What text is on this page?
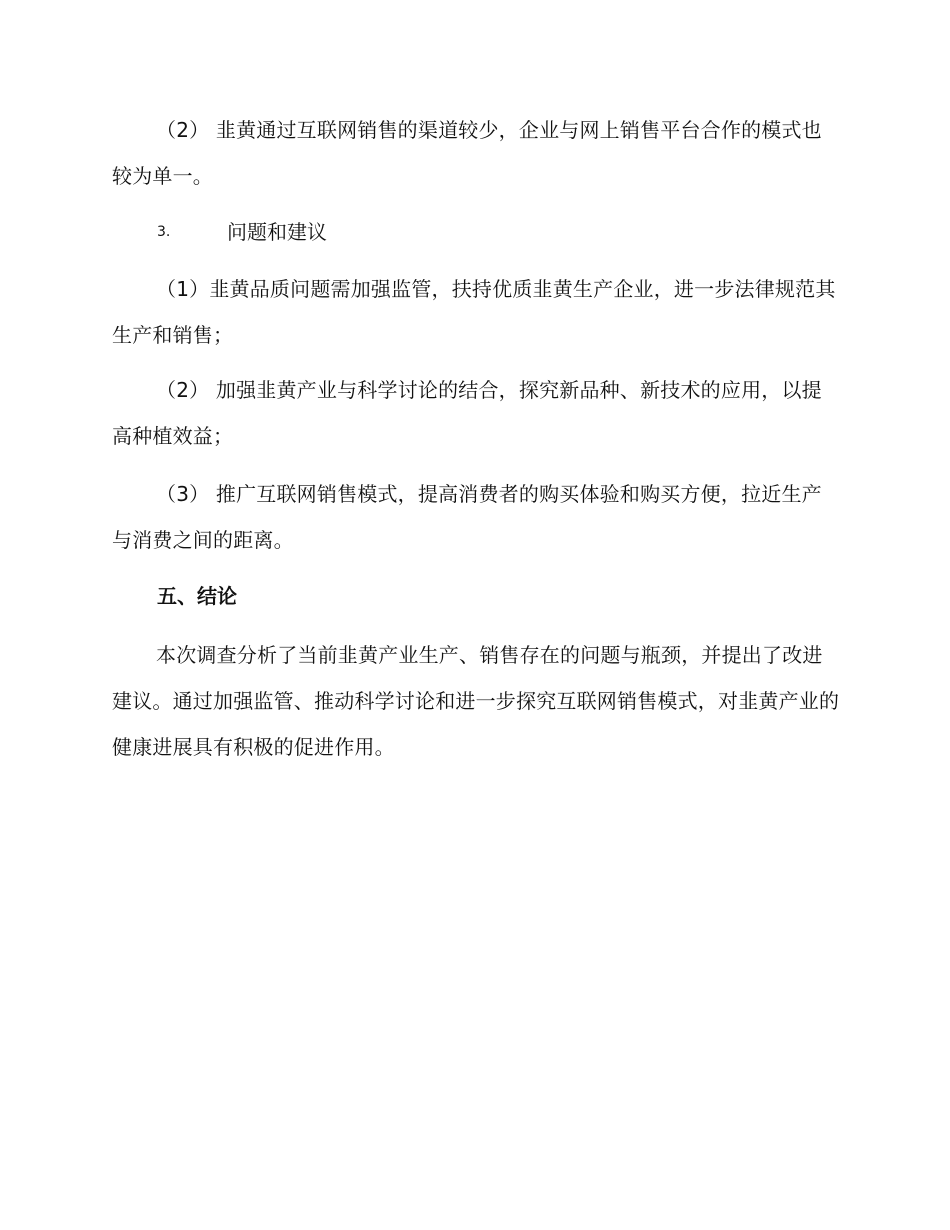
（2） 韭黄通过互联网销售的渠道较少，企业与网上销售平台合作的模式也较为单一。

3.	问题和建议

（1）韭黄品质问题需加强监管，扶持优质韭黄生产企业，进一步法律规范其生产和销售；

（2） 加强韭黄产业与科学讨论的结合，探究新品种、新技术的应用，以提高种植效益；

（3） 推广互联网销售模式，提高消费者的购买体验和购买方便，拉近生产与消费之间的距离。

五、结论

本次调查分析了当前韭黄产业生产、销售存在的问题与瓶颈，并提出了改进建议。通过加强监管、推动科学讨论和进一步探究互联网销售模式，对韭黄产业的健康进展具有积极的促进作用。
